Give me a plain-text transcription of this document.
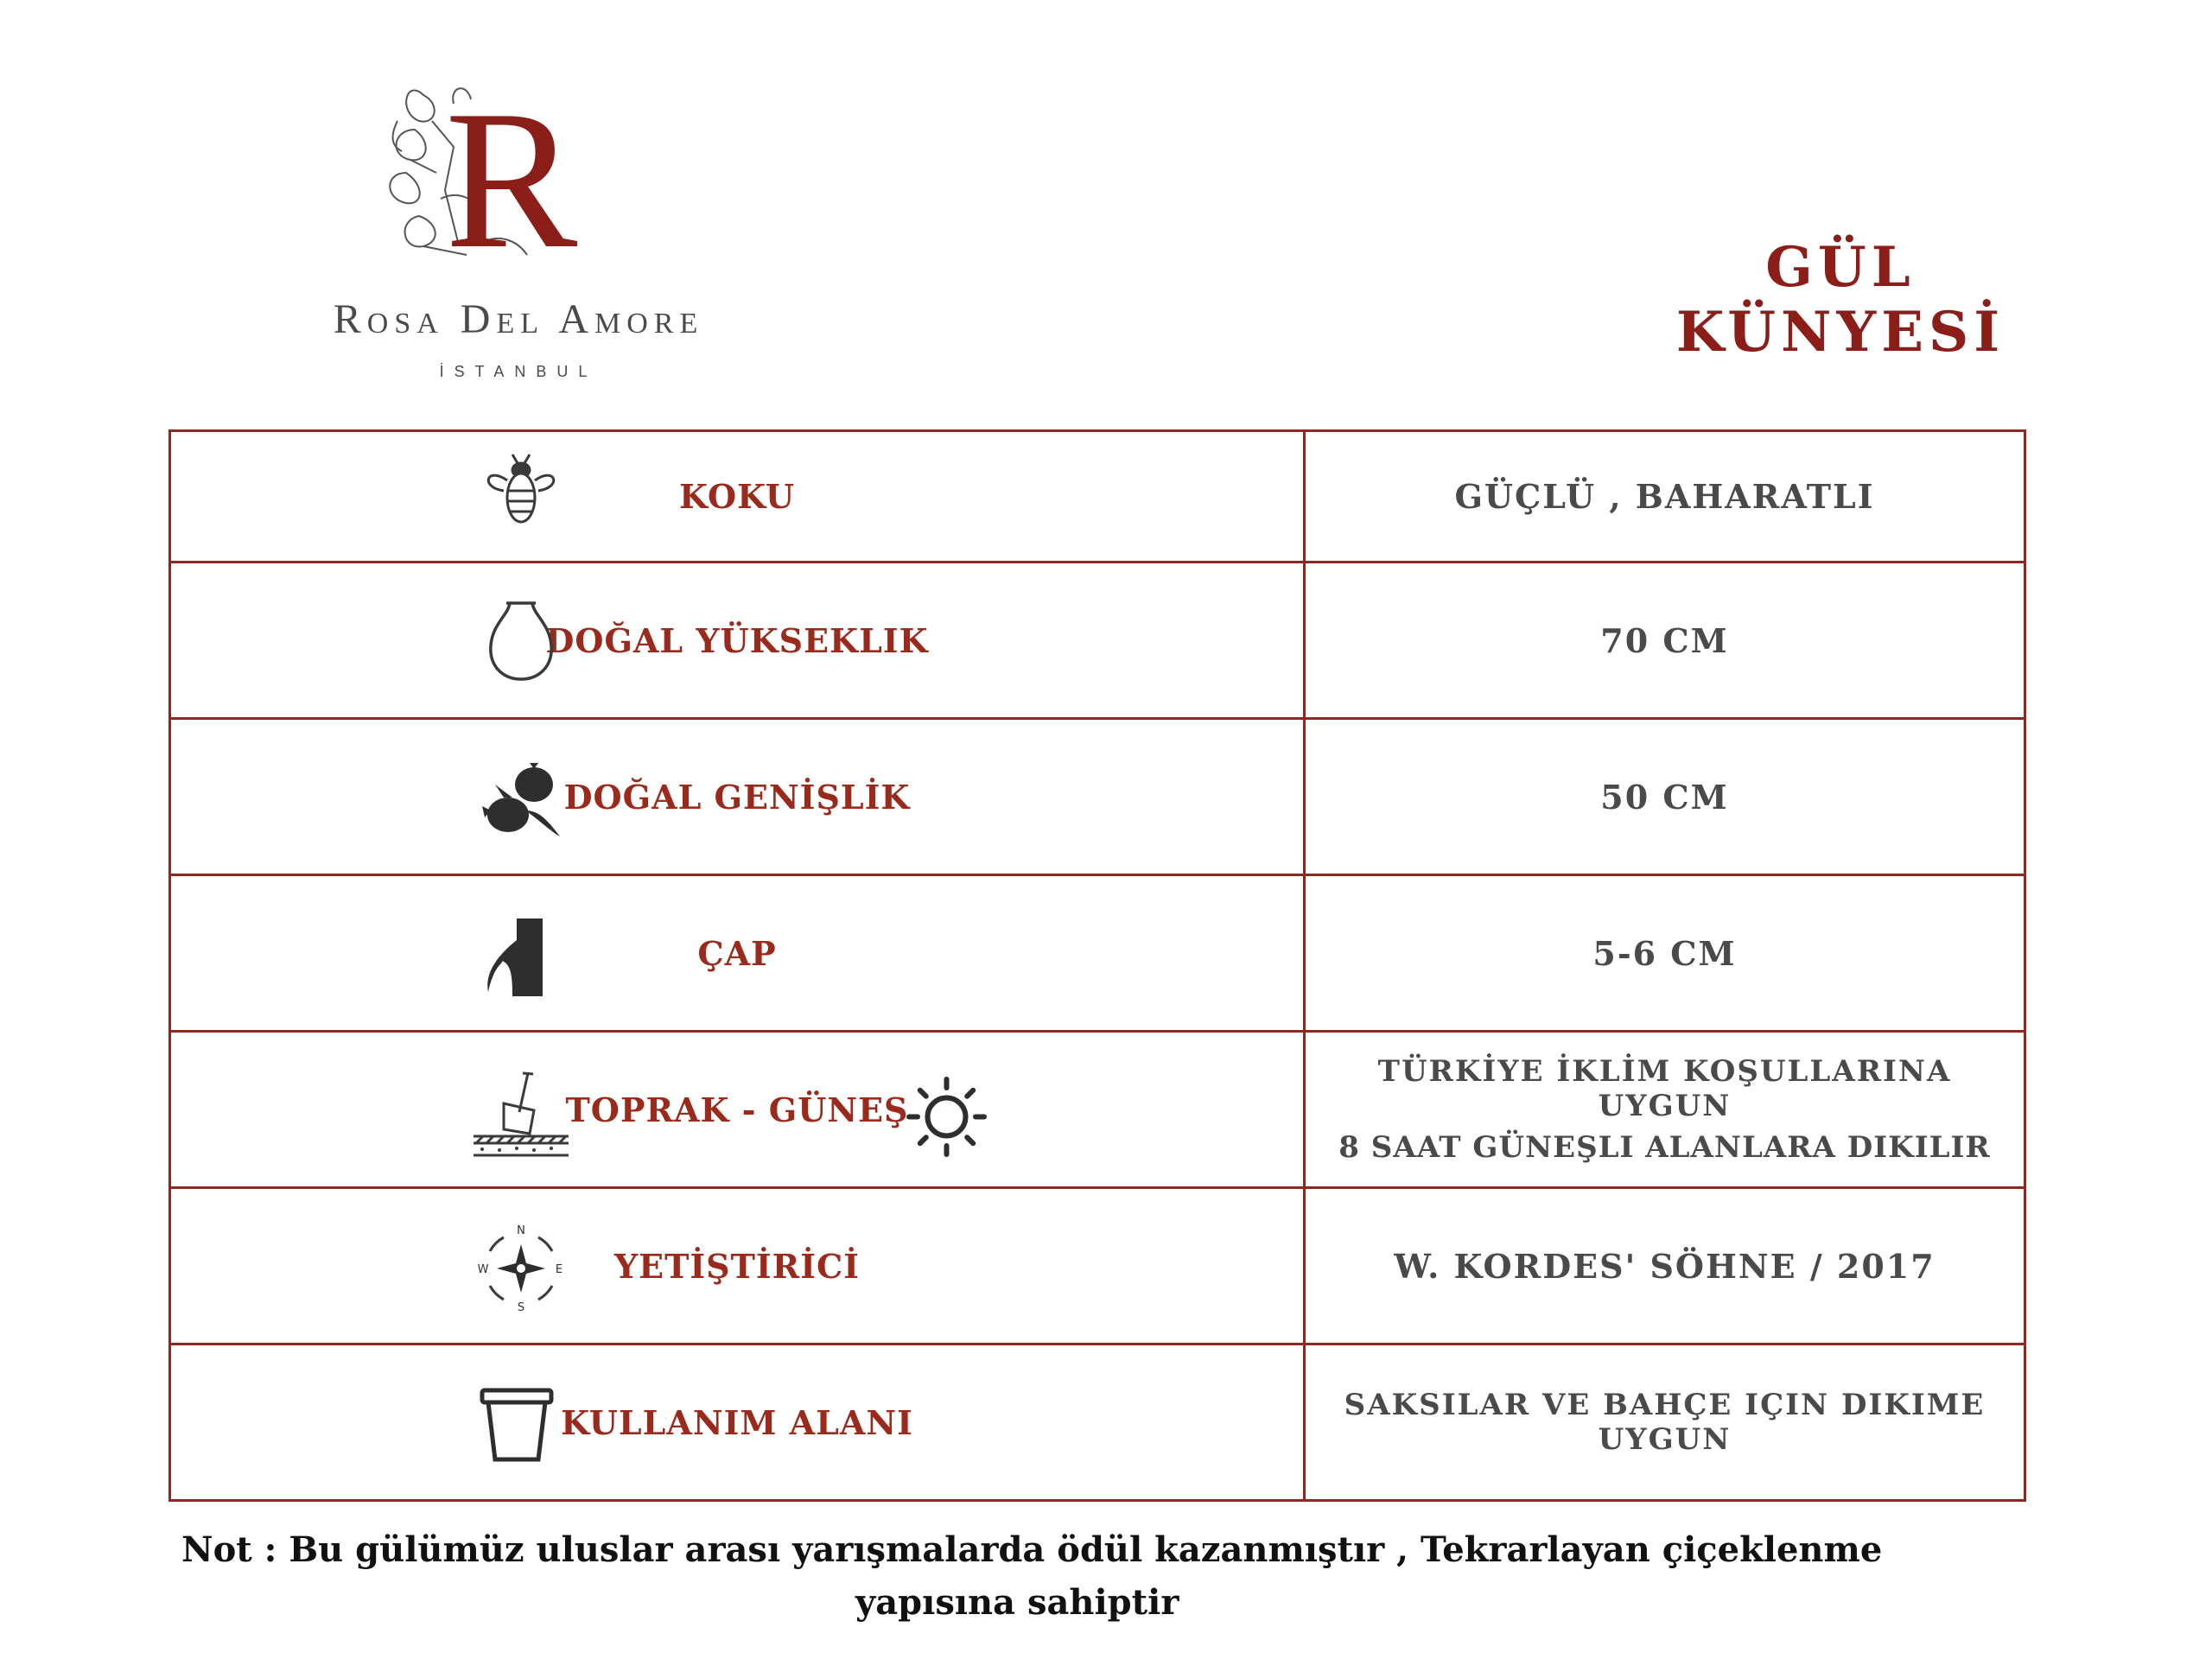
R
Rosa Del Amore
İSTANBUL
GÜL KÜNYESİ
KOKU	GÜÇLÜ , BAHARATLI

DOĞAL YÜKSEKLIK	70 CM

DOĞAL GENİŞLİK	50 CM

ÇAP	5-6 CM

TOPRAK - GÜNEŞ	TÜRKİYE İKLİM KOŞULLARINA UYGUN
8 SAAT GÜNEŞLI ALANLARA DIKILIR

N
E
S
W YETİŞTİRİCİ	W. KORDES' SÖHNE / 2017

KULLANIM ALANI	SAKSILAR VE BAHÇE IÇIN DIKIME UYGUN
Not : Bu gülümüz uluslar arası yarışmalarda ödül kazanmıştır , Tekrarlayan çiçeklenme
yapısına sahiptir
